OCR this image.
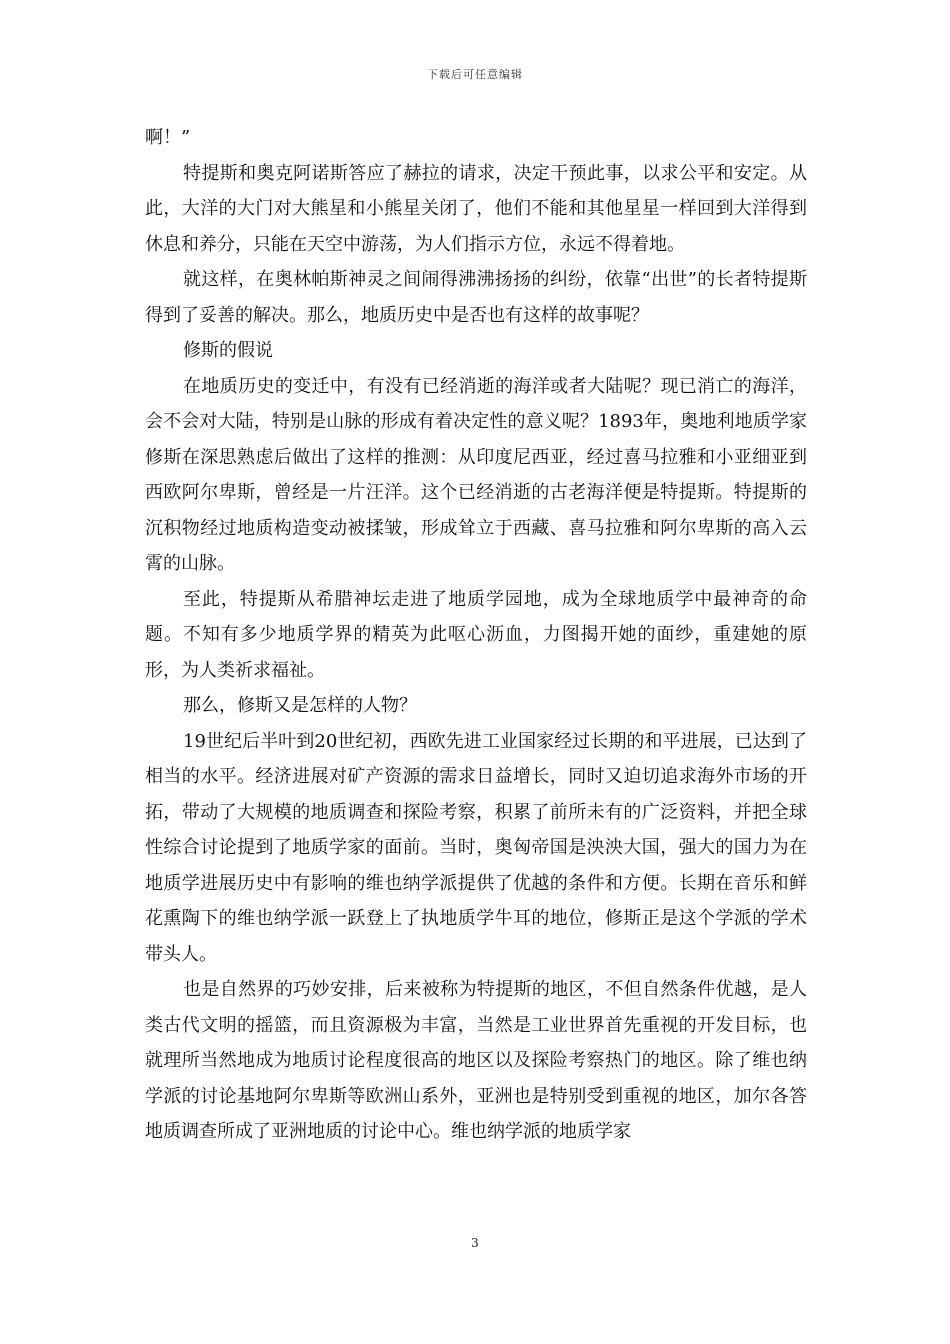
下载后可任意编辑

啊！”

特提斯和奥克阿诺斯答应了赫拉的请求，决定干预此事，以求公平和安定。从此，大洋的大门对大熊星和小熊星关闭了，他们不能和其他星星一样回到大洋得到休息和养分，只能在天空中游荡，为人们指示方位，永远不得着地。

就这样，在奥林帕斯神灵之间闹得沸沸扬扬的纠纷，依靠“出世”的长者特提斯得到了妥善的解决。那么，地质历史中是否也有这样的故事呢？

修斯的假说

在地质历史的变迁中，有没有已经消逝的海洋或者大陆呢？现已消亡的海洋，会不会对大陆，特别是山脉的形成有着决定性的意义呢？1893年，奥地利地质学家修斯在深思熟虑后做出了这样的推测：从印度尼西亚，经过喜马拉雅和小亚细亚到西欧阿尔卑斯，曾经是一片汪洋。这个已经消逝的古老海洋便是特提斯。特提斯的沉积物经过地质构造变动被揉皱，形成耸立于西藏、喜马拉雅和阿尔卑斯的高入云霄的山脉。

至此，特提斯从希腊神坛走进了地质学园地，成为全球地质学中最神奇的命题。不知有多少地质学界的精英为此呕心沥血，力图揭开她的面纱，重建她的原形，为人类祈求福祉。

那么，修斯又是怎样的人物？

19世纪后半叶到20世纪初，西欧先进工业国家经过长期的和平进展，已达到了相当的水平。经济进展对矿产资源的需求日益增长，同时又迫切追求海外市场的开拓，带动了大规模的地质调查和探险考察，积累了前所未有的广泛资料，并把全球性综合讨论提到了地质学家的面前。当时，奥匈帝国是泱泱大国，强大的国力为在地质学进展历史中有影响的维也纳学派提供了优越的条件和方便。长期在音乐和鲜花熏陶下的维也纳学派一跃登上了执地质学牛耳的地位，修斯正是这个学派的学术带头人。

也是自然界的巧妙安排，后来被称为特提斯的地区，不但自然条件优越，是人类古代文明的摇篮，而且资源极为丰富，当然是工业世界首先重视的开发目标，也就理所当然地成为地质讨论程度很高的地区以及探险考察热门的地区。除了维也纳学派的讨论基地阿尔卑斯等欧洲山系外，亚洲也是特别受到重视的地区，加尔各答地质调查所成了亚洲地质的讨论中心。维也纳学派的地质学家

3
